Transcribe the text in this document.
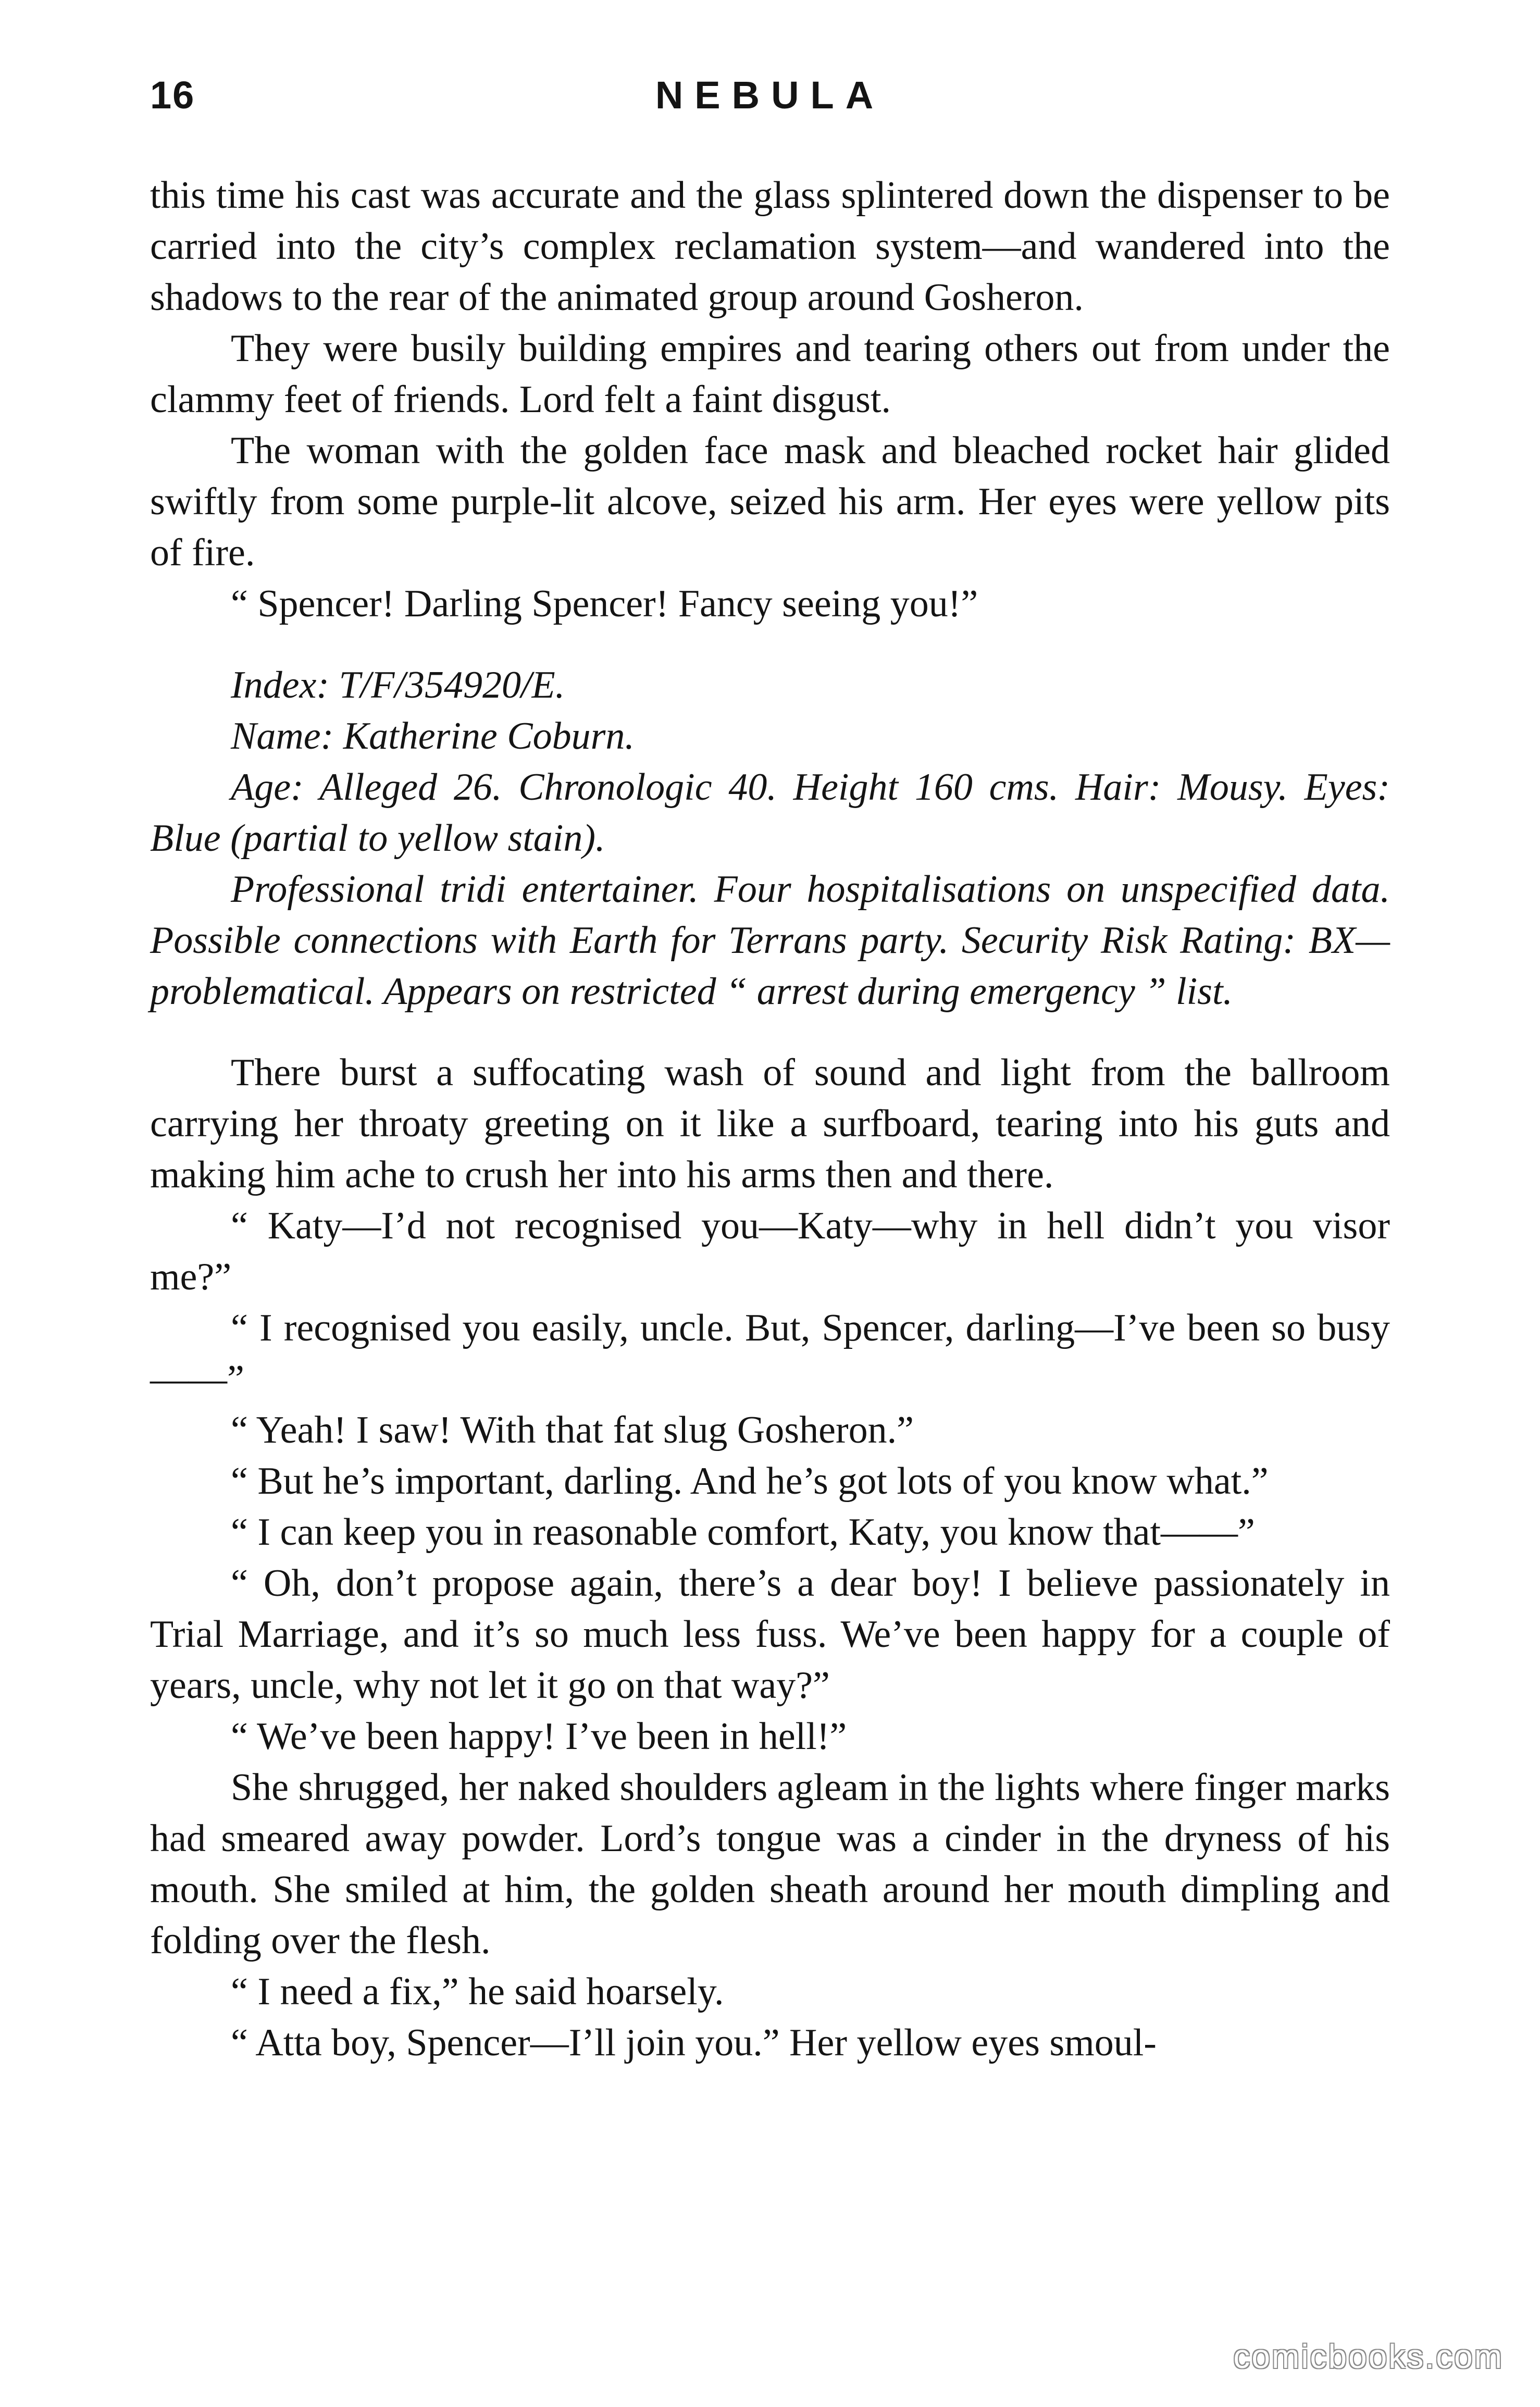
16	NEBULA

this time his cast was accurate and the glass splintered down the dispenser to be carried into the city’s complex reclamation system—and wandered into the shadows to the rear of the animated group around Gosheron.

They were busily building empires and tearing others out from under the clammy feet of friends. Lord felt a faint disgust.

The woman with the golden face mask and bleached rocket hair glided swiftly from some purple-lit alcove, seized his arm. Her eyes were yellow pits of fire.

“ Spencer! Darling Spencer! Fancy seeing you!”

Index: T/F/354920/E.

Name: Katherine Coburn.

Age: Alleged 26. Chronologic 40. Height 160 cms. Hair: Mousy. Eyes: Blue (partial to yellow stain).

Professional tridi entertainer. Four hospitalisations on unspecified data. Possible connections with Earth for Terrans party. Security Risk Rating: BX—problematical. Appears on restricted “ arrest during emergency ” list.

There burst a suffocating wash of sound and light from the ballroom carrying her throaty greeting on it like a surfboard, tearing into his guts and making him ache to crush her into his arms then and there.

“ Katy—I’d not recognised you—Katy—why in hell didn’t you visor me?”

“ I recognised you easily, uncle. But, Spencer, darling—I’ve been so busy——”

“ Yeah! I saw! With that fat slug Gosheron.”

“ But he’s important, darling. And he’s got lots of you know what.”

“ I can keep you in reasonable comfort, Katy, you know that——”

“ Oh, don’t propose again, there’s a dear boy! I believe passionately in Trial Marriage, and it’s so much less fuss. We’ve been happy for a couple of years, uncle, why not let it go on that way?”

“ We’ve been happy! I’ve been in hell!”

She shrugged, her naked shoulders agleam in the lights where finger marks had smeared away powder. Lord’s tongue was a cinder in the dryness of his mouth. She smiled at him, the golden sheath around her mouth dimpling and folding over the flesh.

“ I need a fix,” he said hoarsely.

“ Atta boy, Spencer—I’ll join you.” Her yellow eyes smoul-

comicbooks.com
